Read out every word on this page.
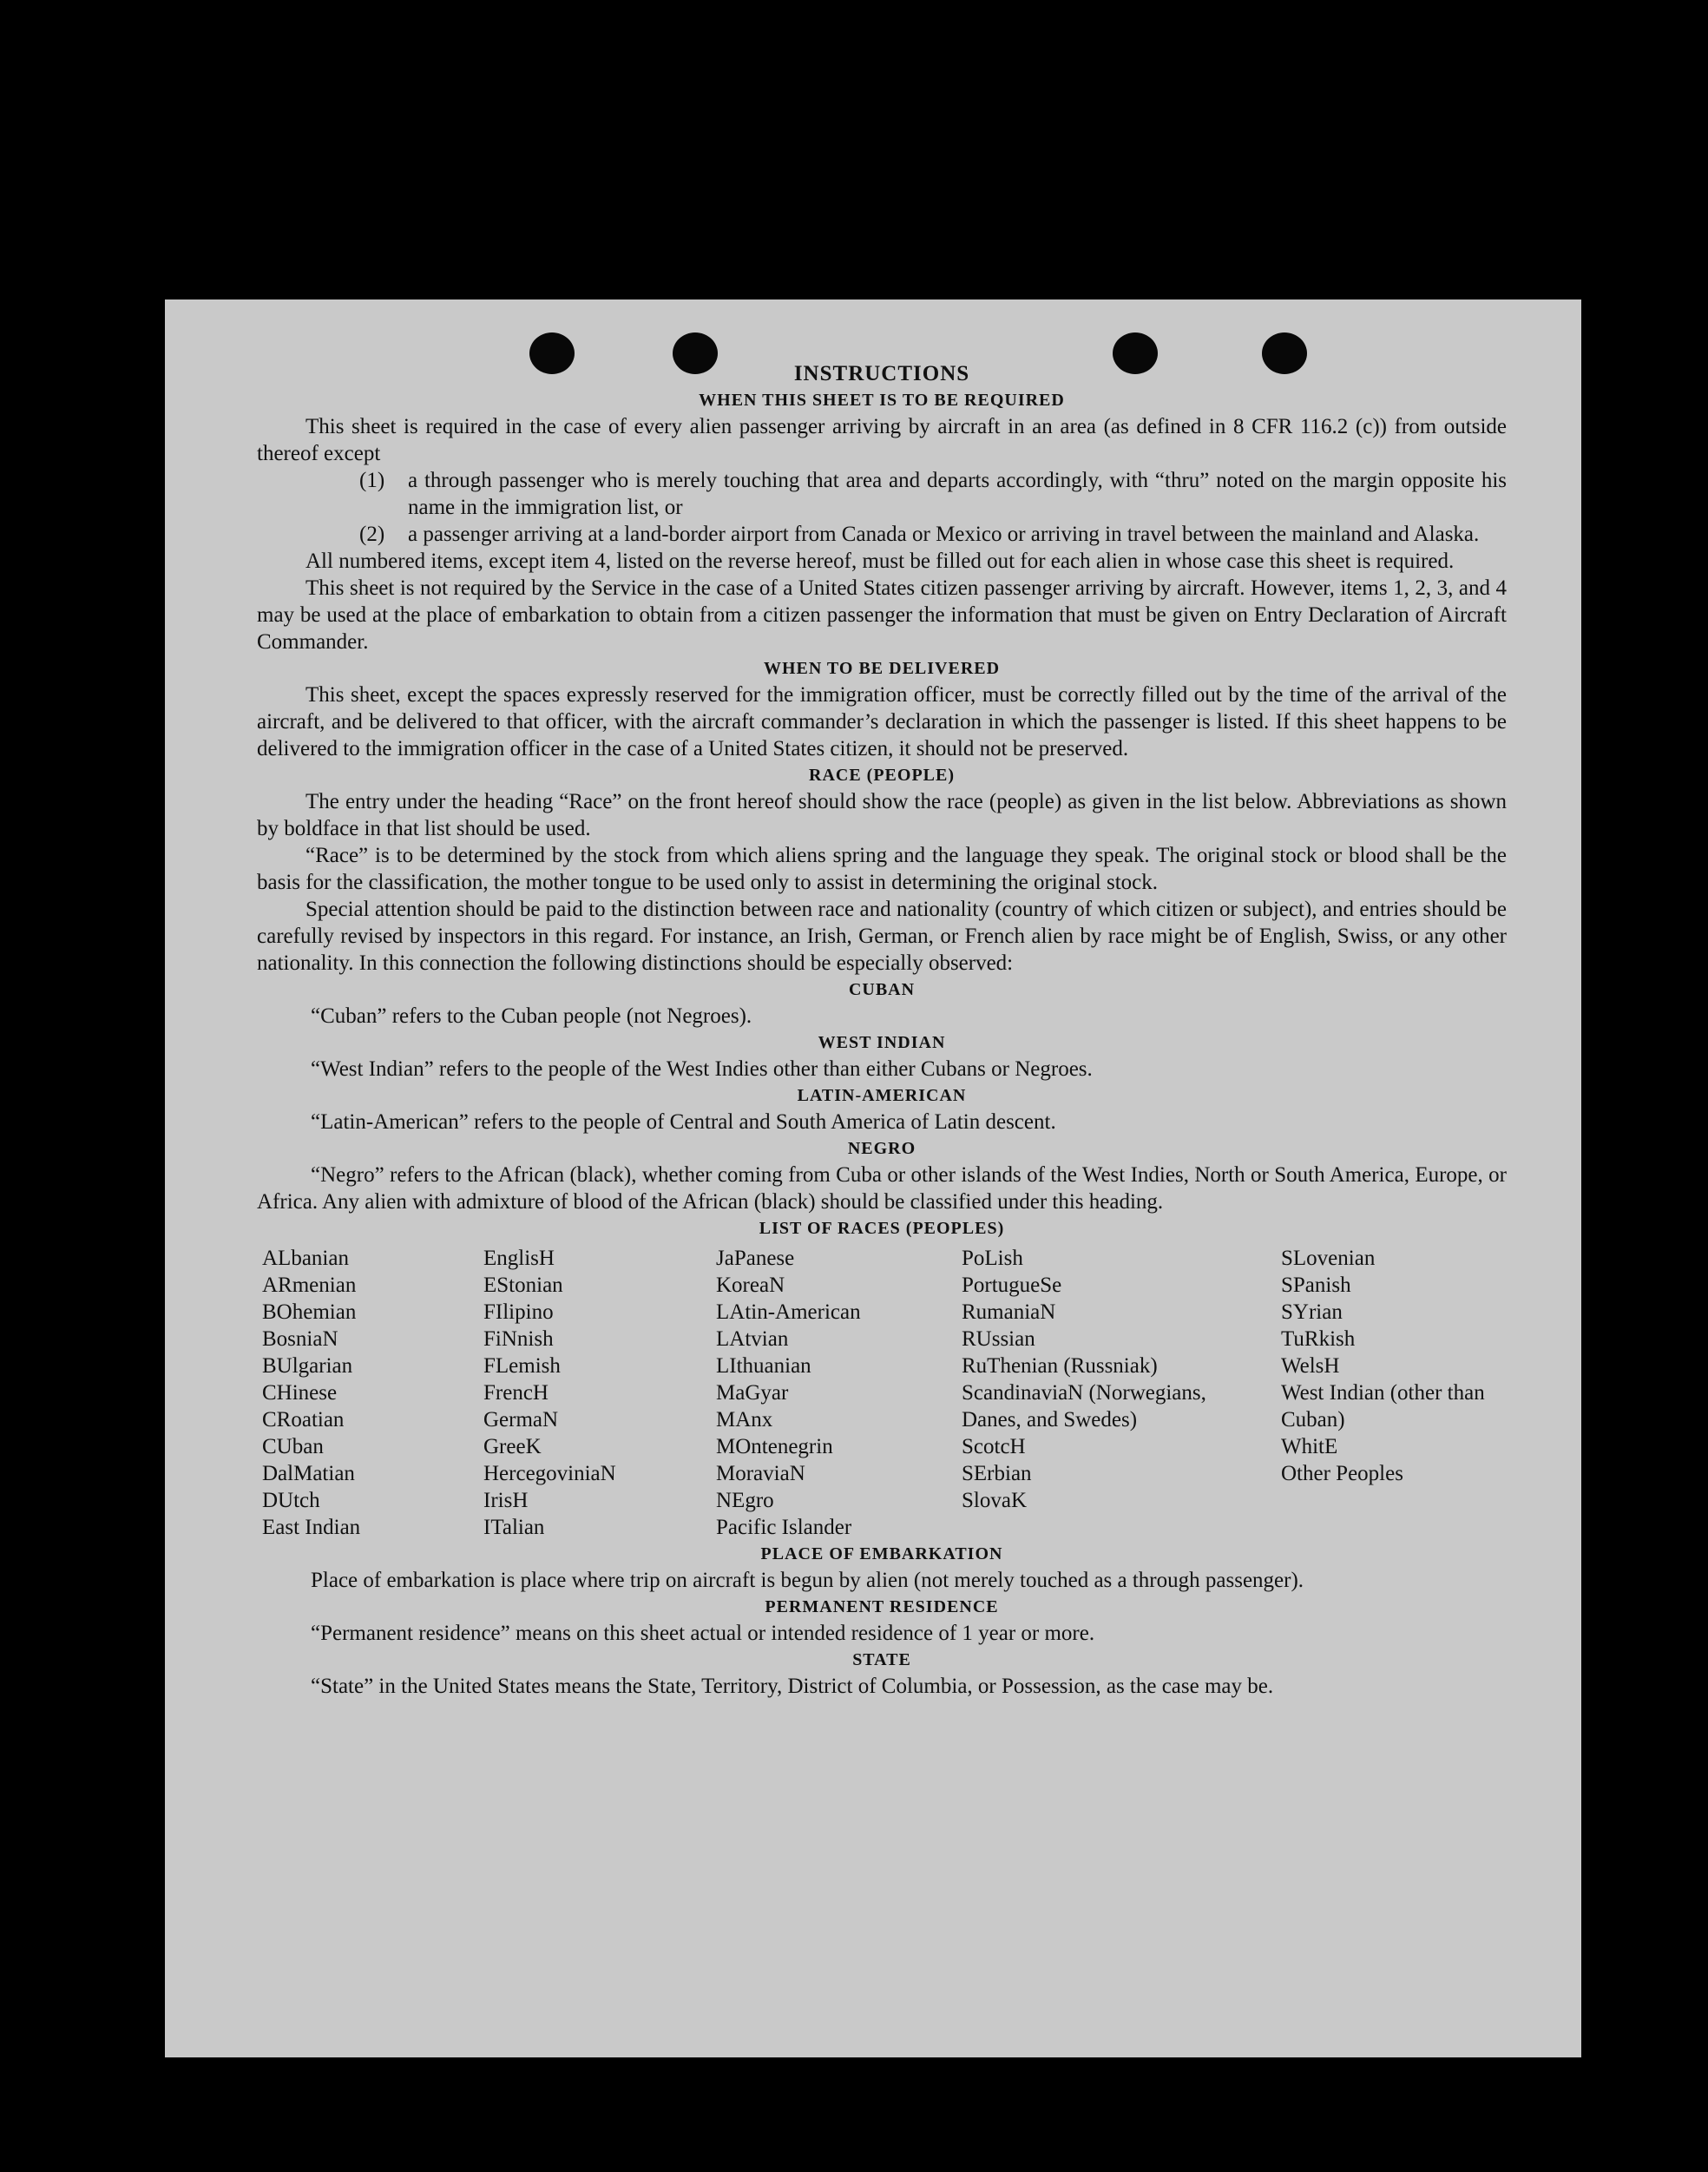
INSTRUCTIONS
WHEN THIS SHEET IS TO BE REQUIRED

This sheet is required in the case of every alien passenger arriving by aircraft in an area (as defined in 8 CFR 116.2 (c)) from outside thereof except

(1)	a through passenger who is merely touching that area and departs accordingly, with “thru” noted on the margin opposite his name in the immigration list, or
(2)	a passenger arriving at a land-border airport from Canada or Mexico or arriving in travel between the mainland and Alaska.

All numbered items, except item 4, listed on the reverse hereof, must be filled out for each alien in whose case this sheet is required.

This sheet is not required by the Service in the case of a United States citizen passenger arriving by aircraft. However, items 1, 2, 3, and 4 may be used at the place of embarkation to obtain from a citizen passenger the information that must be given on Entry Declaration of Aircraft Commander.

WHEN TO BE DELIVERED

This sheet, except the spaces expressly reserved for the immigration officer, must be correctly filled out by the time of the arrival of the aircraft, and be delivered to that officer, with the aircraft commander’s declaration in which the passenger is listed. If this sheet happens to be delivered to the immigration officer in the case of a United States citizen, it should not be preserved.

RACE (PEOPLE)

The entry under the heading “Race” on the front hereof should show the race (people) as given in the list below. Abbreviations as shown by boldface in that list should be used.

“Race” is to be determined by the stock from which aliens spring and the language they speak. The original stock or blood shall be the basis for the classification, the mother tongue to be used only to assist in determining the original stock.

Special attention should be paid to the distinction between race and nationality (country of which citizen or subject), and entries should be carefully revised by inspectors in this regard. For instance, an Irish, German, or French alien by race might be of English, Swiss, or any other nationality. In this connection the following distinctions should be especially observed:

CUBAN

“Cuban” refers to the Cuban people (not Negroes).

WEST INDIAN

“West Indian” refers to the people of the West Indies other than either Cubans or Negroes.

LATIN-AMERICAN

“Latin-American” refers to the people of Central and South America of Latin descent.

NEGRO

“Negro” refers to the African (black), whether coming from Cuba or other islands of the West Indies, North or South America, Europe, or Africa. Any alien with admixture of blood of the African (black) should be classified under this heading.

LIST OF RACES (PEOPLES)
ALbanian
ARmenian
BOhemian
BosniaN
BUlgarian
CHinese
CRoatian
CUban
DalMatian
DUtch
East Indian
EnglisH
EStonian
FIlipino
FiNnish
FLemish
FrencH
GermaN
GreeK
HercegoviniaN
IrisH
ITalian
JaPanese
KoreaN
LAtin-American
LAtvian
LIthuanian
MaGyar
MAnx
MOntenegrin
MoraviaN
NEgro
Pacific Islander
PoLish
PortugueSe
RumaniaN
RUssian
RuThenian (Russniak)
ScandinaviaN (Norwegians, Danes, and Swedes)
ScotcH
SErbian
SlovaK
SLovenian
SPanish
SYrian
TuRkish
WelsH
West Indian (other than Cuban)
WhitE
Other Peoples
PLACE OF EMBARKATION

Place of embarkation is place where trip on aircraft is begun by alien (not merely touched as a through passenger).

PERMANENT RESIDENCE

“Permanent residence” means on this sheet actual or intended residence of 1 year or more.

STATE

“State” in the United States means the State, Territory, District of Columbia, or Possession, as the case may be.
